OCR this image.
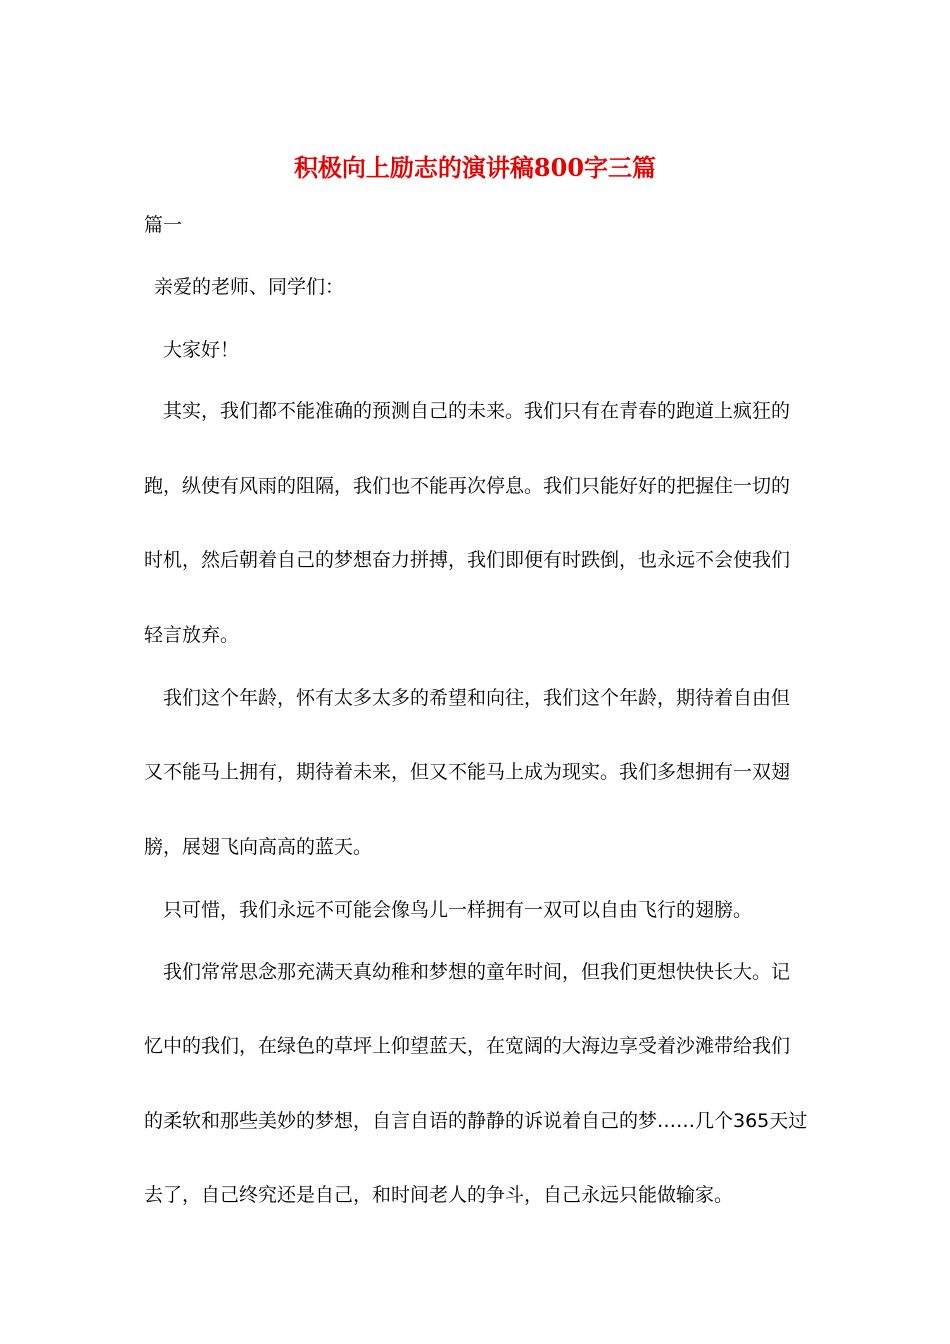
积极向上励志的演讲稿800字三篇
篇一
亲爱的老师、同学们：
大家好！
其实，我们都不能准确的预测自己的未来。我们只有在青春的跑道上疯狂的
跑，纵使有风雨的阻隔，我们也不能再次停息。我们只能好好的把握住一切的
时机，然后朝着自己的梦想奋力拼搏，我们即便有时跌倒，也永远不会使我们
轻言放弃。
我们这个年龄，怀有太多太多的希望和向往，我们这个年龄，期待着自由但
又不能马上拥有，期待着未来，但又不能马上成为现实。我们多想拥有一双翅
膀，展翅飞向高高的蓝天。
只可惜，我们永远不可能会像鸟儿一样拥有一双可以自由飞行的翅膀。
我们常常思念那充满天真幼稚和梦想的童年时间，但我们更想快快长大。记
忆中的我们，在绿色的草坪上仰望蓝天，在宽阔的大海边享受着沙滩带给我们
的柔软和那些美妙的梦想，自言自语的静静的诉说着自己的梦……几个365天过
去了，自己终究还是自己，和时间老人的争斗，自己永远只能做输家。
